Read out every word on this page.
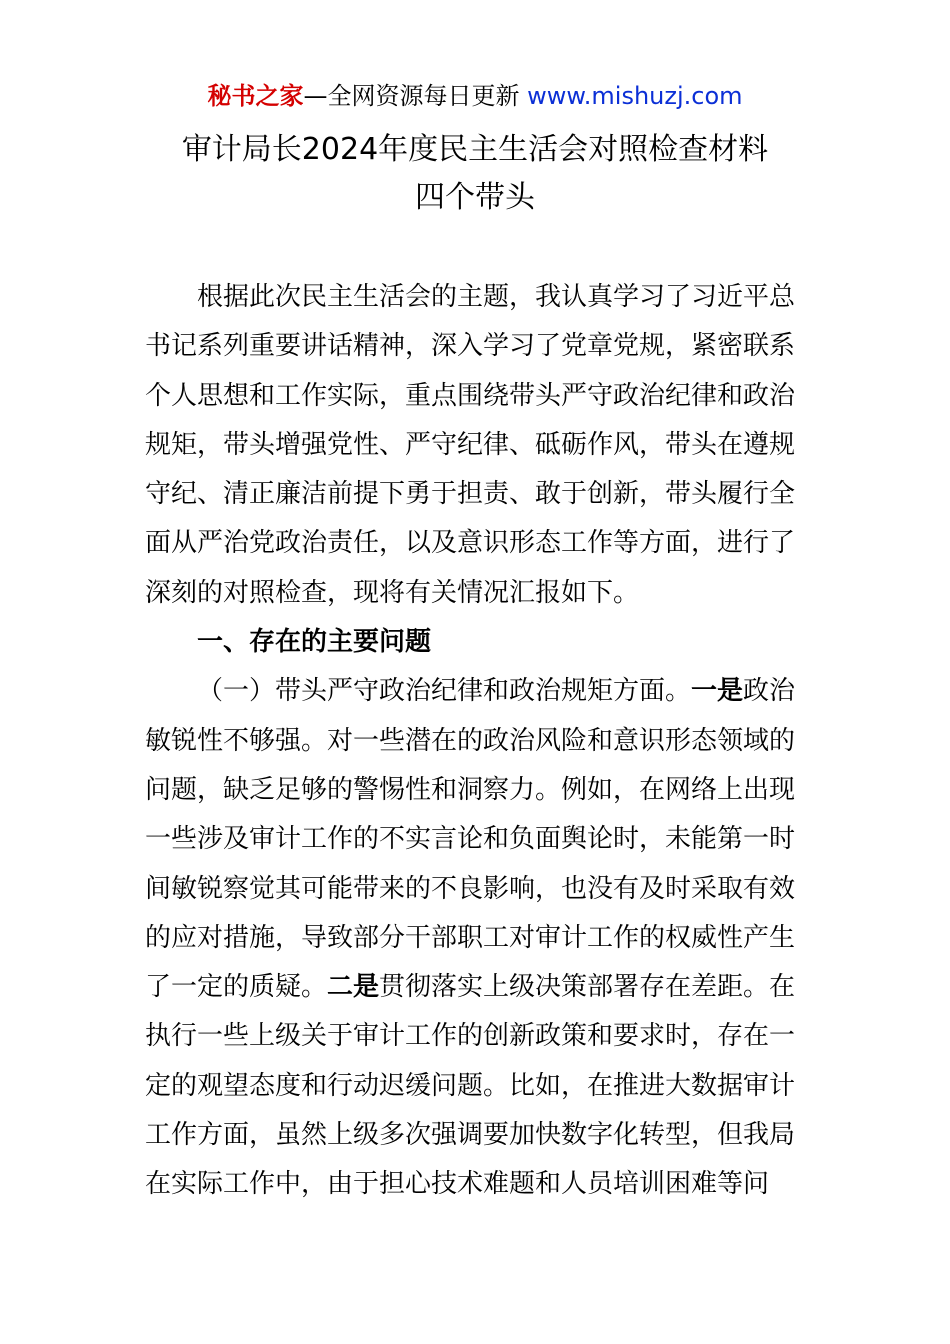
秘书之家—全网资源每日更新 www.mishuzj.com
审计局长2024年度民主生活会对照检查材料
四个带头
根据此次民主生活会的主题，我认真学习了习近平总
书记系列重要讲话精神，深入学习了党章党规，紧密联系
个人思想和工作实际，重点围绕带头严守政治纪律和政治
规矩，带头增强党性、严守纪律、砥砺作风，带头在遵规
守纪、清正廉洁前提下勇于担责、敢于创新，带头履行全
面从严治党政治责任，以及意识形态工作等方面，进行了
深刻的对照检查，现将有关情况汇报如下。
一、存在的主要问题
（一）带头严守政治纪律和政治规矩方面。一是政治
敏锐性不够强。对一些潜在的政治风险和意识形态领域的
问题，缺乏足够的警惕性和洞察力。例如，在网络上出现
一些涉及审计工作的不实言论和负面舆论时，未能第一时
间敏锐察觉其可能带来的不良影响，也没有及时采取有效
的应对措施，导致部分干部职工对审计工作的权威性产生
了一定的质疑。二是贯彻落实上级决策部署存在差距。在
执行一些上级关于审计工作的创新政策和要求时，存在一
定的观望态度和行动迟缓问题。比如，在推进大数据审计
工作方面，虽然上级多次强调要加快数字化转型，但我局
在实际工作中，由于担心技术难题和人员培训困难等问
